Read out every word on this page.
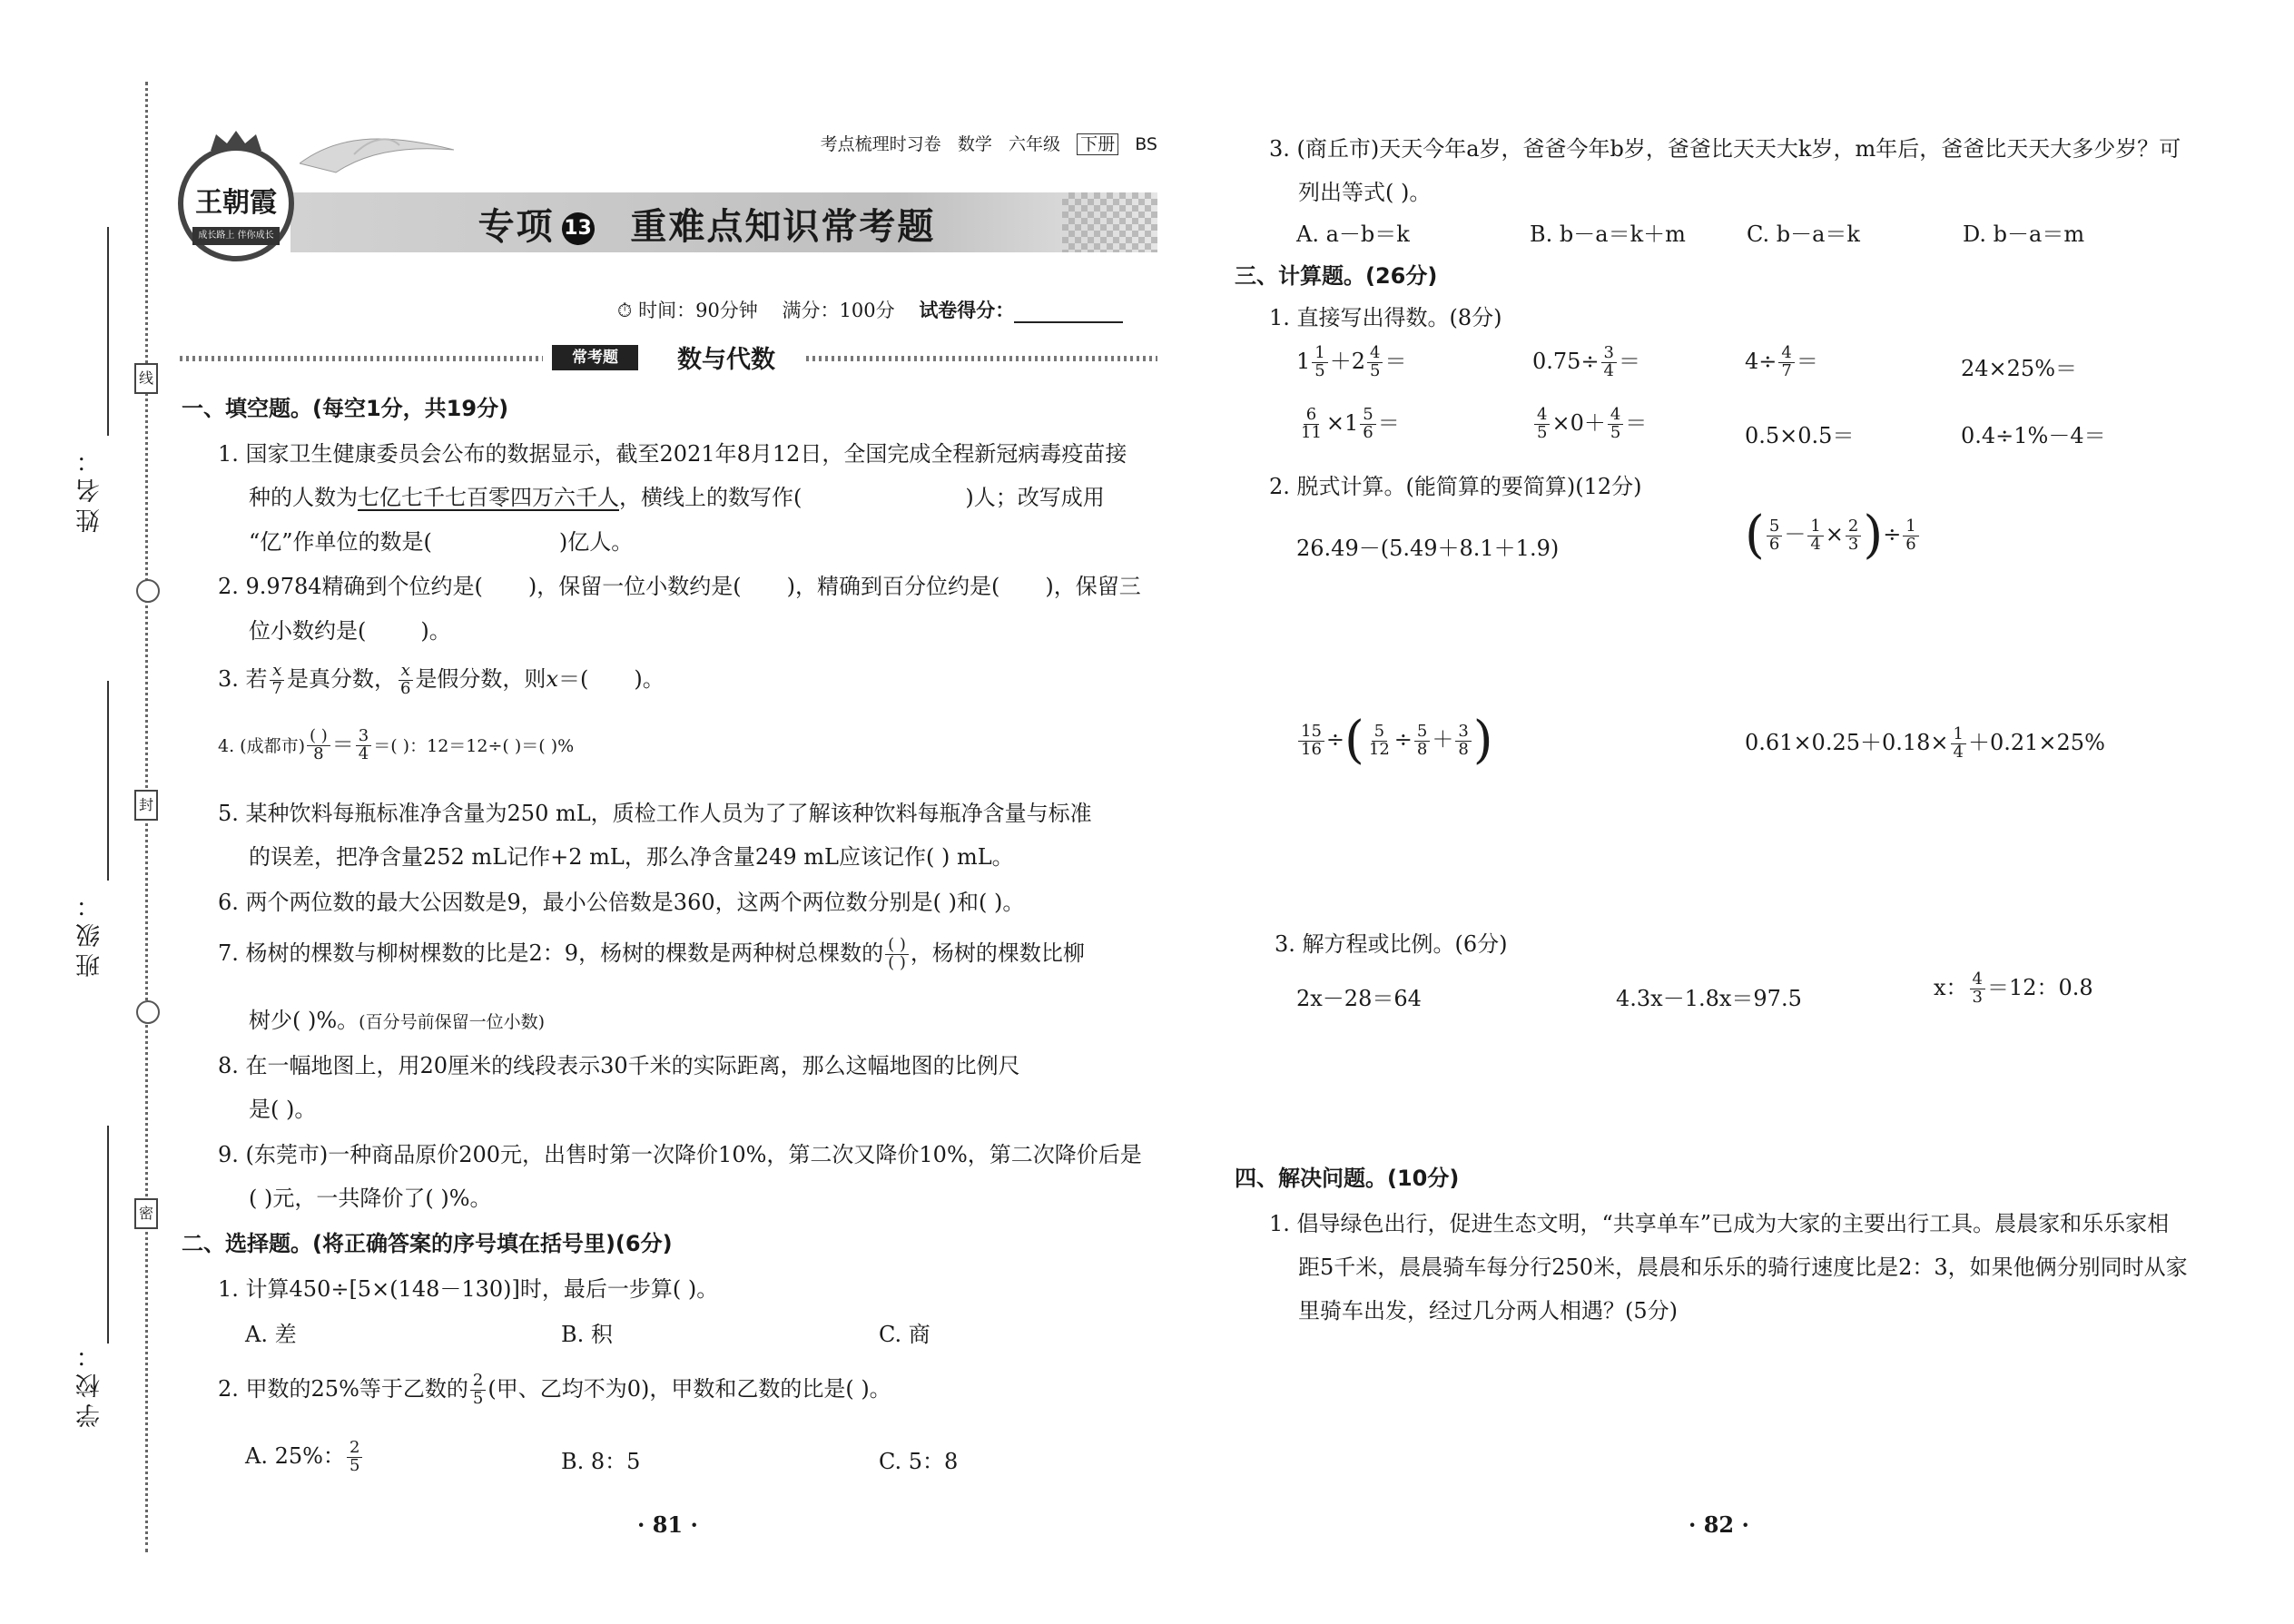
姓名：
班级：
学校：
线
封
密
王朝霞
成长路上 伴你成长
考点梳理时习卷 数学 六年级 下册 BS
专项 13 重难点知识常考题
⏱ 时间：90分钟 满分：100分 试卷得分：
常考题	数与代数
一、填空题。(每空1分，共19分)
1. 国家卫生健康委员会公布的数据显示，截至2021年8月12日，全国完成全程新冠病毒疫苗接
种的人数为七亿七千七百零四万六千人，横线上的数写作(	)人；改写成用
“亿”作单位的数是(	)亿人。
2. 9.9784精确到个位约是( )，保留一位小数约是( )，精确到百分位约是( )，保留三
位小数约是(	)。
3. 若 $\frac{x}{7}$ 是真分数， $\frac{x}{6}$ 是假分数，则x＝( )。
4. (成都市)
( )
$8 = \frac{3}{4}$ ＝( )：12＝12÷( )＝( )%
5. 某种饮料每瓶标准净含量为250 mL，质检工作人员为了了解该种饮料每瓶净含量与标准
的误差，把净含量252 mL记作+2 mL，那么净含量249 mL应该记作( ) mL。
6. 两个两位数的最大公因数是9，最小公倍数是360，这两个两位数分别是( )和( )。
7. 杨树的棵数与柳树棵数的比是2：9，杨树的棵数是两种树总棵数的 ( )
( ) ，杨树的棵数比柳
树少( )%。(百分号前保留一位小数)
8. 在一幅地图上，用20厘米的线段表示30千米的实际距离，那么这幅地图的比例尺
是( )。
9. (东莞市)一种商品原价200元，出售时第一次降价10%，第二次又降价10%，第二次降价后是
( )元，一共降价了( )%。
二、选择题。(将正确答案的序号填在括号里)(6分)
1. 计算450÷[5×(148－130)]时，最后一步算( )。
A. 差	B. 积	C. 商
2. 甲数的25%等于乙数的 $\frac{2}{5}$ (甲、乙均不为0)，甲数和乙数的比是( )。
A. 25%： $\frac{2}{5}$	B. 8：5	C. 5：8
· 81 ·
3. (商丘市)天天今年a岁，爸爸今年b岁，爸爸比天天大k岁，m年后，爸爸比天天大多少岁？可
列出等式( )。
A. a－b＝k	B. b－a＝k＋m	C. b－a＝k	D. b－a＝m
三、计算题。(26分)
1. 直接写出得数。(8分)
$1 \frac{1}{5} +2 \frac{4}{5}$ ＝	$0.75\div \frac{3}{4}$ ＝	$4\div \frac{4}{7}$ ＝	24×25%＝
$\frac{6}{11} \times 1 \frac{5}{6}$ ＝	$\frac{4}{5} \times 0+ \frac{4}{5}$ ＝	0.5×0.5＝	0.4÷1%－4＝
2. 脱式计算。(能简算的要简算)(12分)
26.49－(5.49＋8.1＋1.9)	( $\frac{5}{6} - \frac{1}{4} \times \frac{2}{3}$ )÷ $\frac{1}{6}$
$\frac{15}{16}$ ÷( $\frac{5}{12} \div \frac{5}{8} + \frac{3}{8}$ )	$0.61\times 0.25+0.18\times \frac{1}{4} +0.21\times 25\%$
3. 解方程或比例。(6分)
2x－28＝64	4.3x－1.8x＝97.5	x： $\frac{4}{3} =12$：0.8
四、解决问题。(10分)
1. 倡导绿色出行，促进生态文明，“共享单车”已成为大家的主要出行工具。晨晨家和乐乐家相
距5千米，晨晨骑车每分行250米，晨晨和乐乐的骑行速度比是2：3，如果他俩分别同时从家
里骑车出发，经过几分两人相遇？(5分)
· 82 ·
